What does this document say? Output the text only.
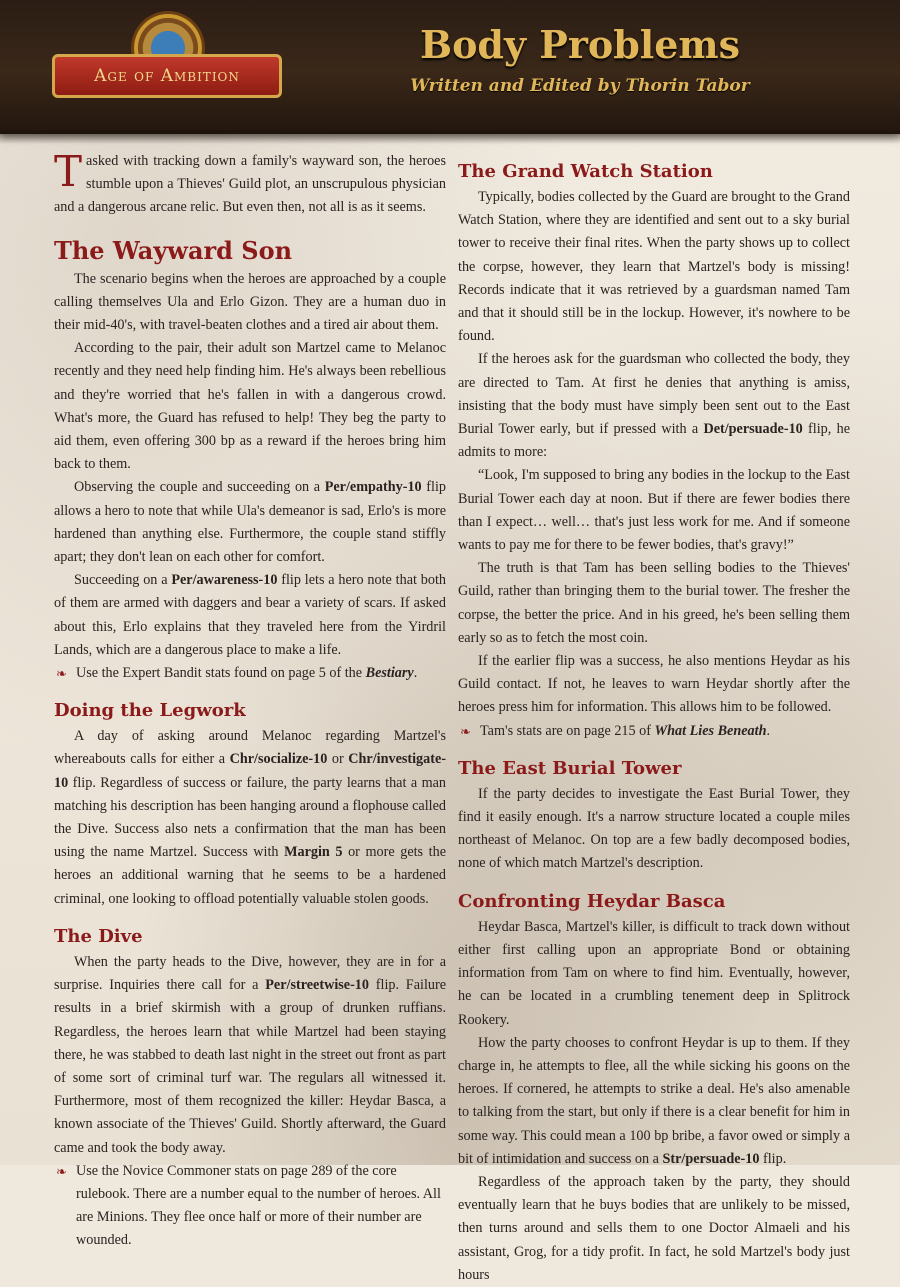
Age of Ambition
Body Problems
Written and Edited by Thorin Tabor

Tasked with tracking down a family's wayward son, the heroes stumble upon a Thieves' Guild plot, an unscrupulous physician and a dangerous arcane relic. But even then, not all is as it seems.

The Wayward Son

The scenario begins when the heroes are approached by a couple calling themselves Ula and Erlo Gizon. They are a human duo in their mid-40's, with travel-beaten clothes and a tired air about them.

According to the pair, their adult son Martzel came to Melanoc recently and they need help finding him. He's always been rebellious and they're worried that he's fallen in with a dangerous crowd. What's more, the Guard has refused to help! They beg the party to aid them, even offering 300 bp as a reward if the heroes bring him back to them.

Observing the couple and succeeding on a Per/empathy-10 flip allows a hero to note that while Ula's demeanor is sad, Erlo's is more hardened than anything else. Furthermore, the couple stand stiffly apart; they don't lean on each other for comfort.

Succeeding on a Per/awareness-10 flip lets a hero note that both of them are armed with daggers and bear a variety of scars. If asked about this, Erlo explains that they traveled here from the Yirdril Lands, which are a dangerous place to make a life.

❧ Use the Expert Bandit stats found on page 5 of the Bestiary.
Doing the Legwork

A day of asking around Melanoc regarding Martzel's whereabouts calls for either a Chr/socialize-10 or Chr/investigate-10 flip. Regardless of success or failure, the party learns that a man matching his description has been hanging around a flophouse called the Dive. Success also nets a confirmation that the man has been using the name Martzel. Success with Margin 5 or more gets the heroes an additional warning that he seems to be a hardened criminal, one looking to offload potentially valuable stolen goods.

The Dive

When the party heads to the Dive, however, they are in for a surprise. Inquiries there call for a Per/streetwise-10 flip. Failure results in a brief skirmish with a group of drunken ruffians. Regardless, the heroes learn that while Martzel had been staying there, he was stabbed to death last night in the street out front as part of some sort of criminal turf war. The regulars all witnessed it. Furthermore, most of them recognized the killer: Heydar Basca, a known associate of the Thieves' Guild. Shortly afterward, the Guard came and took the body away.

❧ Use the Novice Commoner stats on page 289 of the core rulebook. There are a number equal to the number of heroes. All are Minions. They flee once half or more of their number are wounded.
The Grand Watch Station

Typically, bodies collected by the Guard are brought to the Grand Watch Station, where they are identified and sent out to a sky burial tower to receive their final rites. When the party shows up to collect the corpse, however, they learn that Martzel's body is missing! Records indicate that it was retrieved by a guardsman named Tam and that it should still be in the lockup. However, it's nowhere to be found.

If the heroes ask for the guardsman who collected the body, they are directed to Tam. At first he denies that anything is amiss, insisting that the body must have simply been sent out to the East Burial Tower early, but if pressed with a Det/persuade-10 flip, he admits to more:

“Look, I'm supposed to bring any bodies in the lockup to the East Burial Tower each day at noon. But if there are fewer bodies there than I expect… well… that's just less work for me. And if someone wants to pay me for there to be fewer bodies, that's gravy!”

The truth is that Tam has been selling bodies to the Thieves' Guild, rather than bringing them to the burial tower. The fresher the corpse, the better the price. And in his greed, he's been selling them early so as to fetch the most coin.

If the earlier flip was a success, he also mentions Heydar as his Guild contact. If not, he leaves to warn Heydar shortly after the heroes press him for information. This allows him to be followed.

❧ Tam's stats are on page 215 of What Lies Beneath.
The East Burial Tower

If the party decides to investigate the East Burial Tower, they find it easily enough. It's a narrow structure located a couple miles northeast of Melanoc. On top are a few badly decomposed bodies, none of which match Martzel's description.

Confronting Heydar Basca

Heydar Basca, Martzel's killer, is difficult to track down without either first calling upon an appropriate Bond or obtaining information from Tam on where to find him. Eventually, however, he can be located in a crumbling tenement deep in Splitrock Rookery.

How the party chooses to confront Heydar is up to them. If they charge in, he attempts to flee, all the while sicking his goons on the heroes. If cornered, he attempts to strike a deal. He's also amenable to talking from the start, but only if there is a clear benefit for him in some way. This could mean a 100 bp bribe, a favor owed or simply a bit of intimidation and success on a Str/persuade-10 flip.

Regardless of the approach taken by the party, they should eventually learn that he buys bodies that are unlikely to be missed, then turns around and sells them to one Doctor Almaeli and his assistant, Grog, for a tidy profit. In fact, he sold Martzel's body just hours
